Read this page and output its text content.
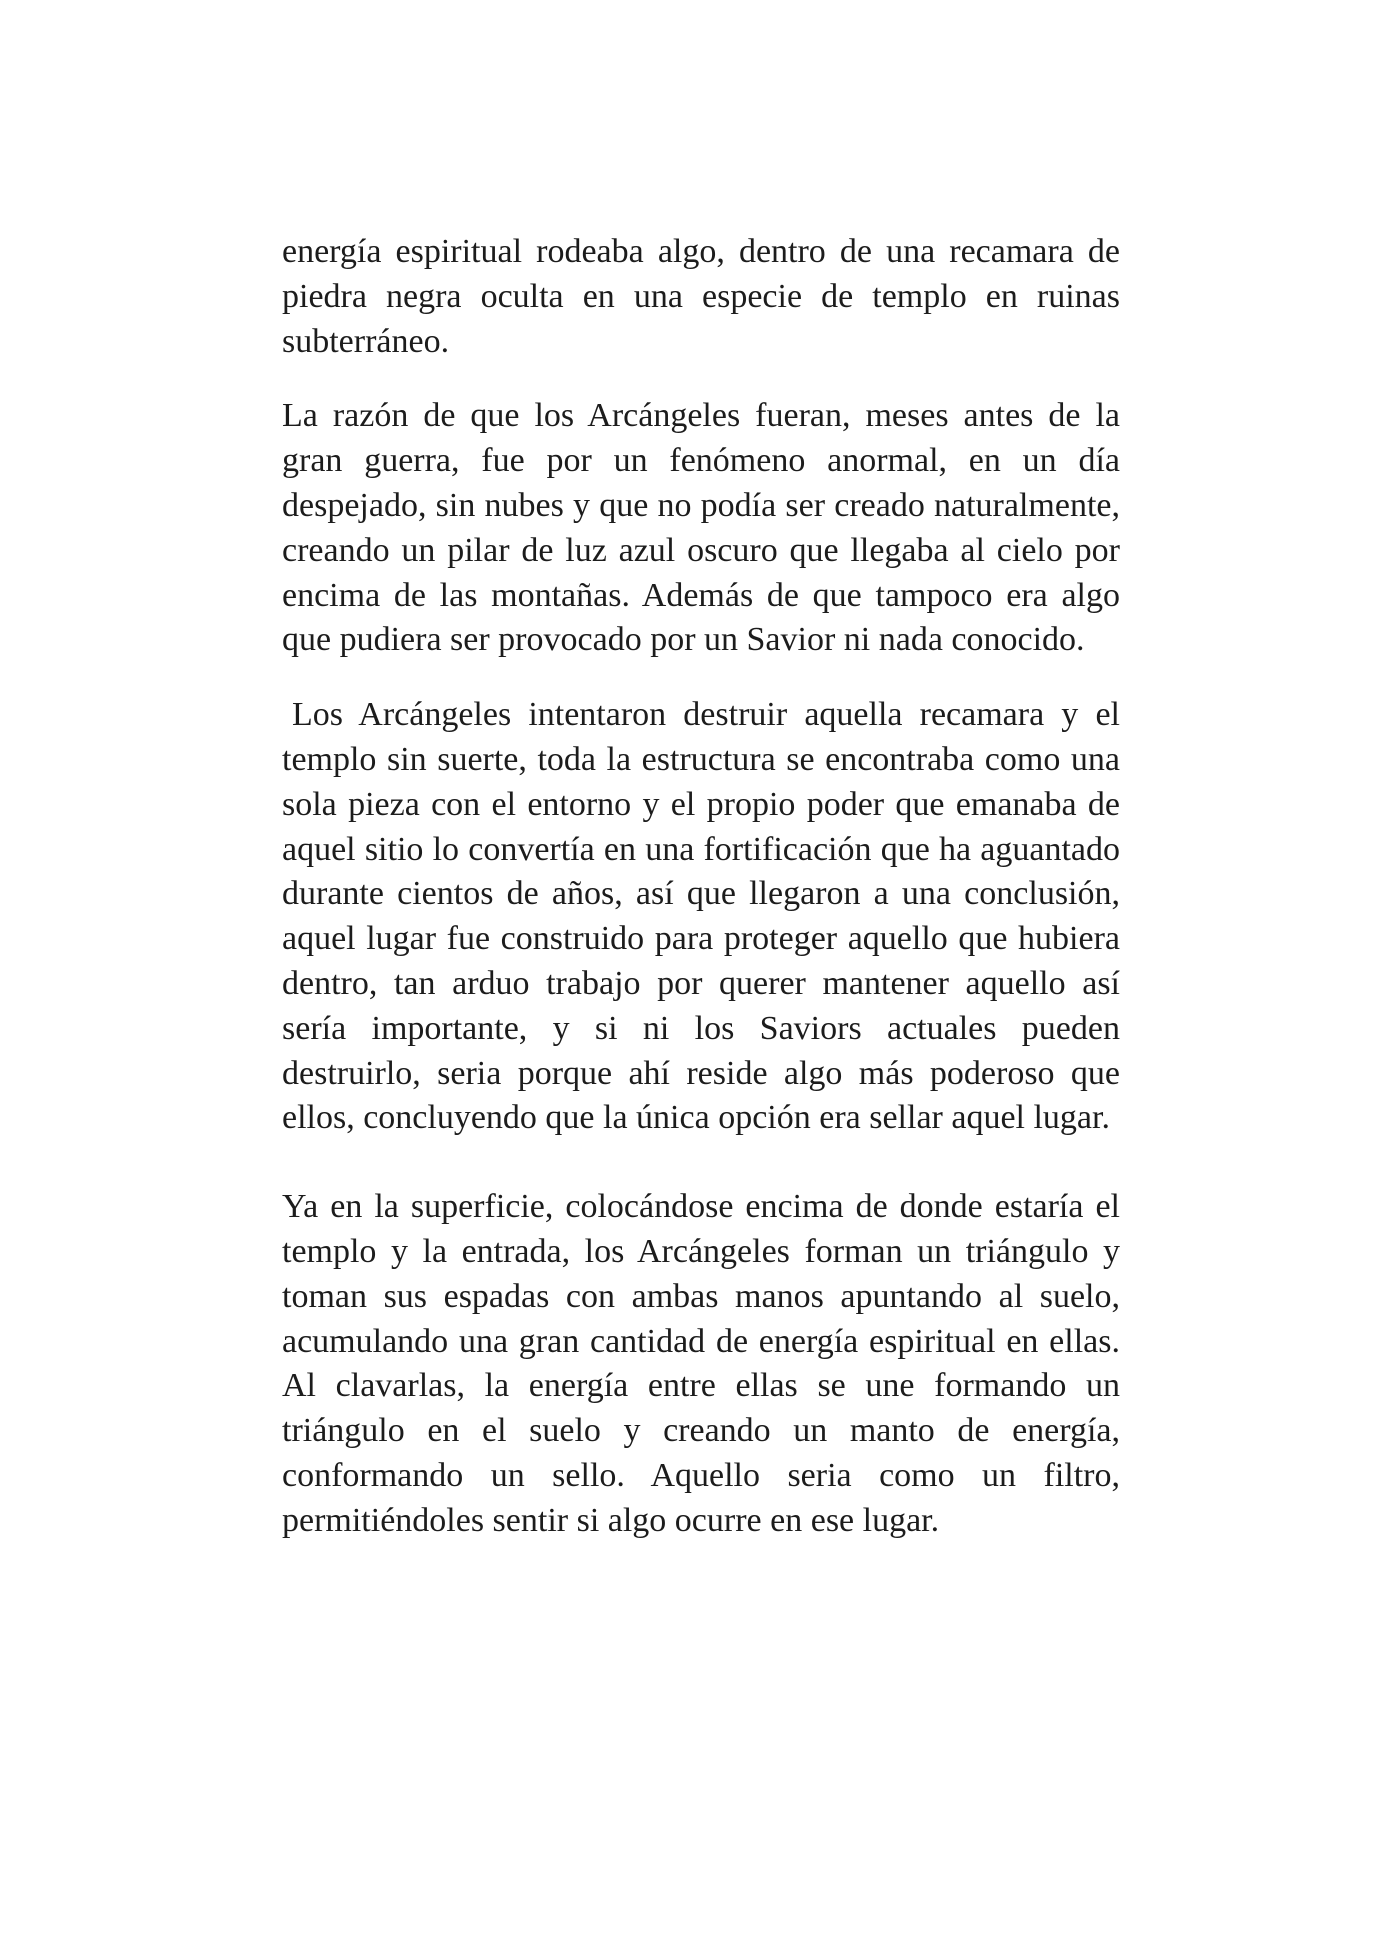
energía espiritual rodeaba algo, dentro de una recamara de piedra negra oculta en una especie de templo en ruinas subterráneo.

La razón de que los Arcángeles fueran, meses antes de la gran guerra, fue por un fenómeno anormal, en un día despejado, sin nubes y que no podía ser creado naturalmente, creando un pilar de luz azul oscuro que llegaba al cielo por encima de las montañas. Además de que tampoco era algo que pudiera ser provocado por un Savior ni nada conocido.

Los Arcángeles intentaron destruir aquella recamara y el templo sin suerte, toda la estructura se encontraba como una sola pieza con el entorno y el propio poder que emanaba de aquel sitio lo convertía en una fortificación que ha aguantado durante cientos de años, así que llegaron a una conclusión, aquel lugar fue construido para proteger aquello que hubiera dentro, tan arduo trabajo por querer mantener aquello así sería importante, y si ni los Saviors actuales pueden destruirlo, seria porque ahí reside algo más poderoso que ellos, concluyendo que la única opción era sellar aquel lugar.

Ya en la superficie, colocándose encima de donde estaría el templo y la entrada, los Arcángeles forman un triángulo y toman sus espadas con ambas manos apuntando al suelo, acumulando una gran cantidad de energía espiritual en ellas. Al clavarlas, la energía entre ellas se une formando un triángulo en el suelo y creando un manto de energía, conformando un sello. Aquello seria como un filtro, permitiéndoles sentir si algo ocurre en ese lugar.
